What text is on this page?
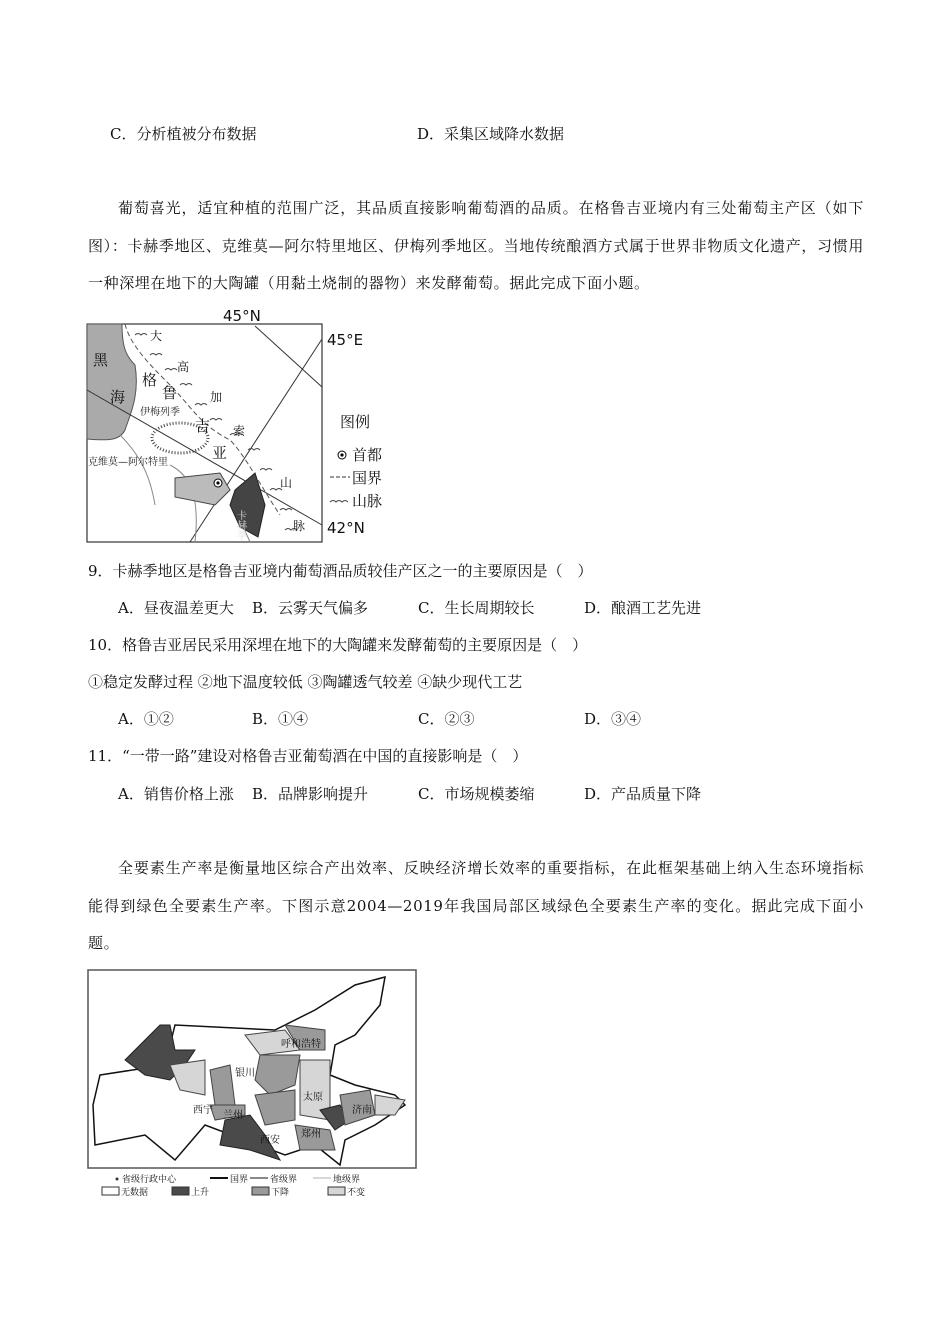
C．分析植被分布数据	D．采集区域降水数据
葡萄喜光，适宜种植的范围广泛，其品质直接影响葡萄酒的品质。在格鲁吉亚境内有三处葡萄主产区（如下图）：卡赫季地区、克维莫—阿尔特里地区、伊梅列季地区。当地传统酿酒方式属于世界非物质文化遗产，习惯用一种深埋在地下的大陶罐（用黏土烧制的器物）来发酵葡萄。据此完成下面小题。
45°N
45°E
42°N
黑
海
格
鲁
吉
亚
大
高
加
索
山
脉
伊梅列季
克维莫—阿尔特里
卡赫季
图例
首都
国界
山脉
9．卡赫季地区是格鲁吉亚境内葡萄酒品质较佳产区之一的主要原因是（　）
A．昼夜温差更大 B．云雾天气偏多	C．生长周期较长	D．酿酒工艺先进
10．格鲁吉亚居民采用深埋在地下的大陶罐来发酵葡萄的主要原因是（　）
①稳定发酵过程 ②地下温度较低 ③陶罐透气较差 ④缺少现代工艺
A．①②	B．①④	C．②③	D．③④
11．“一带一路”建设对格鲁吉亚葡萄酒在中国的直接影响是（　）
A．销售价格上涨 B．品牌影响提升	C．市场规模萎缩	D．产品质量下降
全要素生产率是衡量地区综合产出效率、反映经济增长效率的重要指标，在此框架基础上纳入生态环境指标能得到绿色全要素生产率。下图示意2004—2019年我国局部区域绿色全要素生产率的变化。据此完成下面小题。
呼和浩特
银川
太原
西宁 兰州	济南
西安
郑州
省级行政中心	国界 省级界	地级界
无数据	上升	下降	不变
